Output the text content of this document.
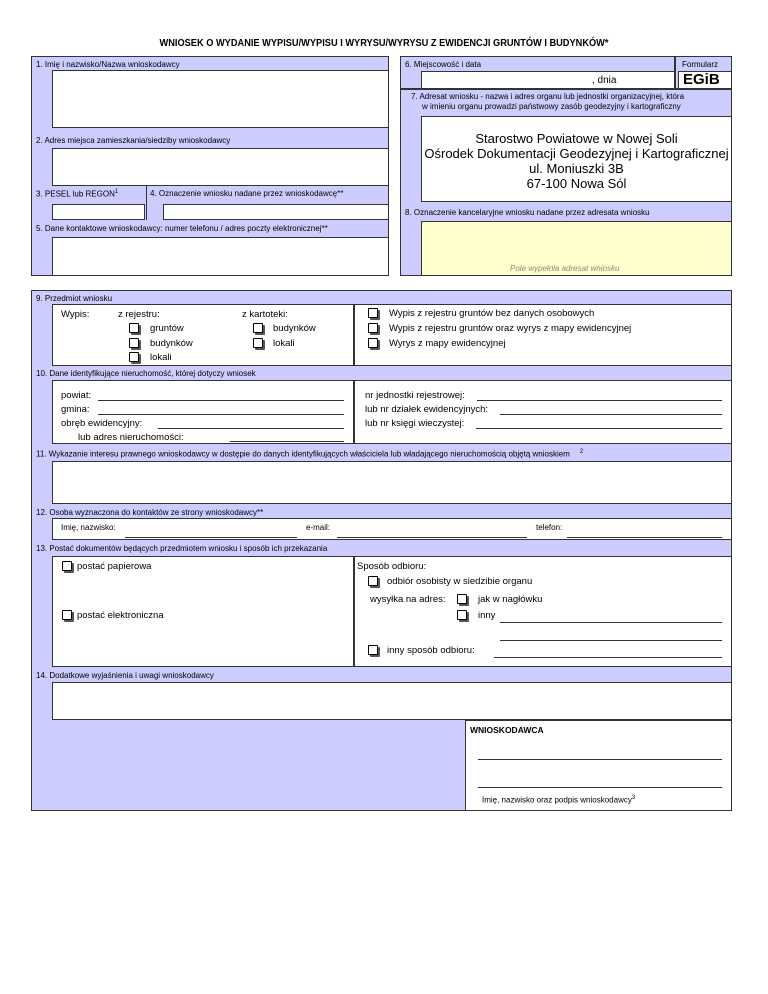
WNIOSEK O WYDANIE WYPISU/WYPISU I WYRYSU/WYRYSU Z EWIDENCJI GRUNTÓW I BUDYNKÓW*
1. Imię i nazwisko/Nazwa wnioskodawcy
2. Adres miejsca zamieszkania/siedziby wnioskodawcy
3. PESEL lub REGON$^1$	4. Oznaczenie wniosku nadane przez wnioskodawcę**
5. Dane kontaktowe wnioskodawcy: numer telefonu / adres poczty elektronicznej**
6. Miejscowość i data
, dnia
Formularz
EGiB
7. Adresat wniosku - nazwa i adres organu lub jednostki organizacyjnej, która
w imieniu organu prowadzi państwowy zasób geodezyjny i kartograficzny
Starostwo Powiatowe w Nowej Soli
Ośrodek Dokumentacji Geodezyjnej i Kartograficznej
ul. Moniuszki 3B
67-100 Nowa Sól
8. Oznaczenie kancelaryjne wniosku nadane przez adresata wniosku
Pole wypełnia adresat wniosku
9. Przedmiot wniosku
Wypis:	z rejestru:	z kartoteki:
gruntów
budynków
lokali
budynków
lokali
Wypis z rejestru gruntów bez danych osobowych
Wypis z rejestru gruntów oraz wyrys z mapy ewidencyjnej
Wyrys z mapy ewidencyjnej
10. Dane identyfikujące nieruchomość, której dotyczy wniosek
powiat:
gmina:
obręb ewidencyjny:
lub adres nieruchomości:
nr jednostki rejestrowej:
lub nr działek ewidencyjnych:
lub nr księgi wieczystej:
11. Wykazanie interesu prawnego wnioskodawcy w dostępie do danych identyfikujących właściciela lub władającego nieruchomością objętą wnioskiem $^2$
12. Osoba wyznaczona do kontaktów ze strony wnioskodawcy**
Imię, nazwisko:	e-mail:	telefon:
13. Postać dokumentów będących przedmiotem wniosku i sposób ich przekazania
postać papierowa
postać elektroniczna
Sposób odbioru:
odbiór osobisty w siedzibie organu
wysyłka na adres:	jak w nagłówku
inny
inny sposób odbioru:
14. Dodatkowe wyjaśnienia i uwagi wnioskodawcy
WNIOSKODAWCA
Imię, nazwisko oraz podpis wnioskodawcy$^3$
